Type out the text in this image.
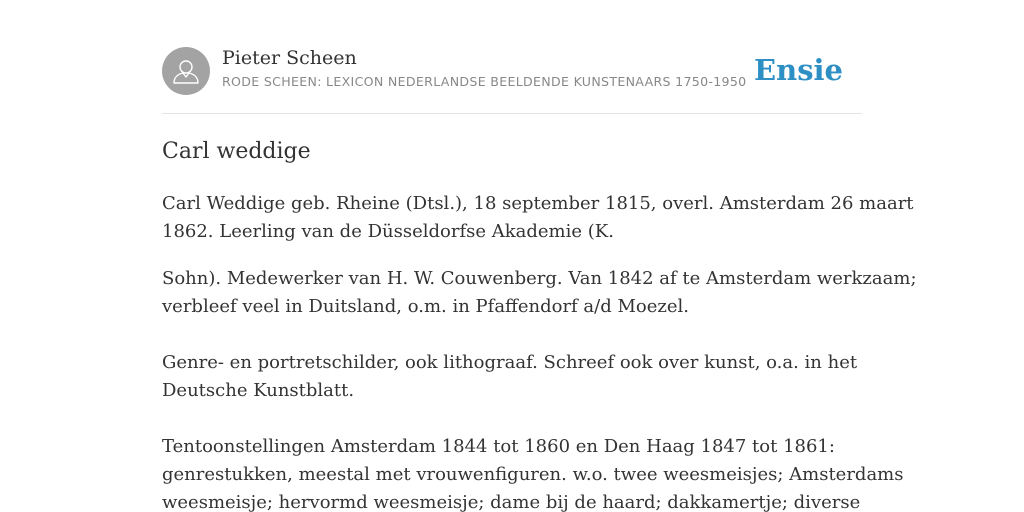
Pieter Scheen
RODE SCHEEN: LEXICON NEDERLANDSE BEELDENDE KUNSTENAARS 1750-1950 Ensie
Carl weddige

Carl Weddige geb. Rheine (Dtsl.), 18 september 1815, overl. Amsterdam 26 maart
1862. Leerling van de Düsseldorfse Akademie (K.

Sohn). Medewerker van H. W. Couwenberg. Van 1842 af te Amsterdam werkzaam;
verbleef veel in Duitsland, o.m. in Pfaffendorf a/d Moezel.

Genre- en portretschilder, ook lithograaf. Schreef ook over kunst, o.a. in het
Deutsche Kunstblatt.

Tentoonstellingen Amsterdam 1844 tot 1860 en Den Haag 1847 tot 1861:
genrestukken, meestal met vrouwenfiguren. w.o. twee weesmeisjes; Amsterdams
weesmeisje; hervormd weesmeisje; dame bij de haard; dakkamertje; diverse
